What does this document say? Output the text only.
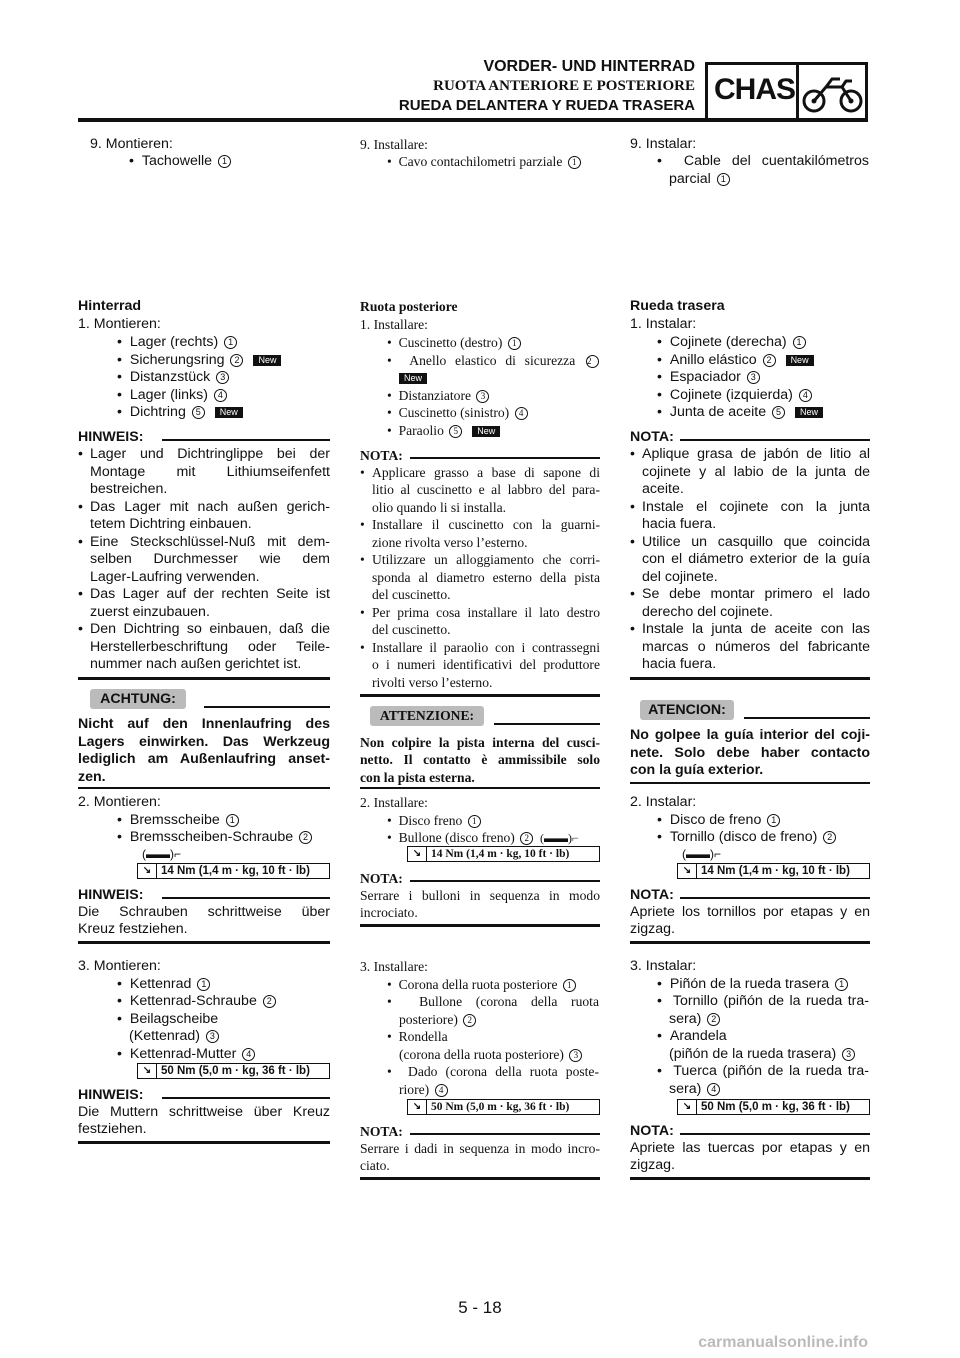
VORDER- UND HINTERRAD
RUOTA ANTERIORE E POSTERIORE
RUEDA DELANTERA Y RUEDA TRASERA CHAS
9. Montieren:
•  Tachowelle 1
Hinterrad
1. Montieren:
•  Lager (rechts) 1
•  Sicherungsring 2 New
•  Distanzstück 3
•  Lager (links) 4
•  Dichtring 5 New
HINWEIS:
• Lager und Dichtringlippe bei der
Montage mit Lithiumseifenfett
bestreichen.
• Das Lager mit nach außen gerich-
tetem Dichtring einbauen.
• Eine Steckschlüssel-Nuß mit dem-
selben Durchmesser wie dem
Lager-Laufring verwenden.
• Das Lager auf der rechten Seite ist
zuerst einzubauen.
• Den Dichtring so einbauen, daß die
Herstellerbeschriftung oder Teile-
nummer nach außen gerichtet ist.
ACHTUNG:
Nicht auf den Innenlaufring des
Lagers einwirken. Das Werkzeug
lediglich am Außenlaufring anset-
zen.
2. Montieren:
•  Bremsscheibe 1
•  Bremsscheiben-Schraube 2
(▬▬)⌐
↘ 14 Nm (1,4 m · kg, 10 ft · lb)
HINWEIS:
Die Schrauben schrittweise über
Kreuz festziehen.
3. Montieren:
•  Kettenrad 1
•  Kettenrad-Schraube 2
•  Beilagscheibe
(Kettenrad) 3
•  Kettenrad-Mutter 4
↘ 50 Nm (5,0 m · kg, 36 ft · lb)
HINWEIS:
Die Muttern schrittweise über Kreuz
festziehen.
9. Installare:
•  Cavo contachilometri parziale 1
Ruota posteriore
1. Installare:
•  Cuscinetto (destro) 1
•  Anello elastico di sicurezza 2
New
•  Distanziatore 3
•  Cuscinetto (sinistro) 4
•  Paraolio 5 New
NOTA:
• Applicare grasso a base di sapone di
litio al cuscinetto e al labbro del para-
olio quando li si installa.
• Installare il cuscinetto con la guarni-
zione rivolta verso l’esterno.
• Utilizzare un alloggiamento che corri-
sponda al diametro esterno della pista
del cuscinetto.
• Per prima cosa installare il lato destro
del cuscinetto.
• Installare il paraolio con i contrassegni
o i numeri identificativi del produttore
rivolti verso l’esterno.
ATTENZIONE:
Non colpire la pista interna del cusci-
netto. Il contatto è ammissibile solo
con la pista esterna.
2. Installare:
•  Disco freno 1
•  Bullone (disco freno) 2 (▬▬)⌐
↘ 14 Nm (1,4 m · kg, 10 ft · lb)
NOTA:
Serrare i bulloni in sequenza in modo
incrociato.
3. Installare:
•  Corona della ruota posteriore 1
•  Bullone (corona della ruota
posteriore) 2
•  Rondella
(corona della ruota posteriore) 3
•  Dado (corona della ruota poste-
riore) 4
↘ 50 Nm (5,0 m · kg, 36 ft · lb)
NOTA:
Serrare i dadi in sequenza in modo incro-
ciato.
9. Instalar:
•  Cable del cuentakilómetros
parcial 1
Rueda trasera
1. Instalar:
•  Cojinete (derecha) 1
•  Anillo elástico 2 New
•  Espaciador 3
•  Cojinete (izquierda) 4
•  Junta de aceite 5 New
NOTA:
• Aplique grasa de jabón de litio al
cojinete y al labio de la junta de
aceite.
• Instale el cojinete con la junta
hacia fuera.
• Utilice un casquillo que coincida
con el diámetro exterior de la guía
del cojinete.
• Se debe montar primero el lado
derecho del cojinete.
• Instale la junta de aceite con las
marcas o números del fabricante
hacia fuera.
ATENCION:
No golpee la guía interior del coji-
nete. Solo debe haber contacto
con la guía exterior.
2. Instalar:
•  Disco de freno 1
•  Tornillo (disco de freno) 2
(▬▬)⌐
↘ 14 Nm (1,4 m · kg, 10 ft · lb)
NOTA:
Apriete los tornillos por etapas y en
zigzag.
3. Instalar:
•  Piñón de la rueda trasera 1
•  Tornillo (piñón de la rueda tra-
sera) 2
•  Arandela
(piñón de la rueda trasera) 3
•  Tuerca (piñón de la rueda tra-
sera) 4
↘ 50 Nm (5,0 m · kg, 36 ft · lb)
NOTA:
Apriete las tuercas por etapas y en
zigzag.
5 - 18
carmanualsonline.info
